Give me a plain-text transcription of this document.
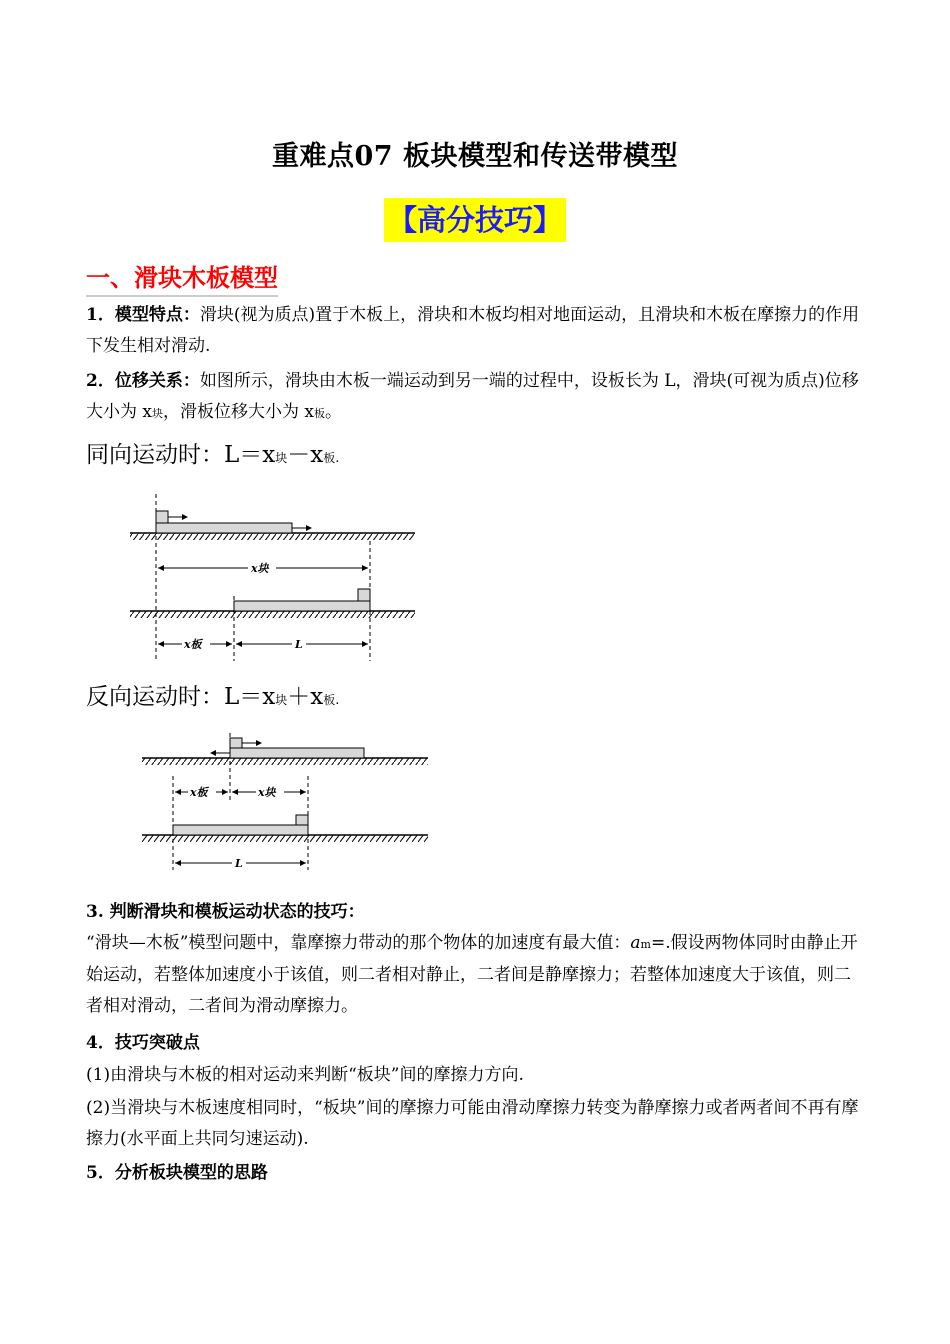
重难点07 板块模型和传送带模型
【高分技巧】
一、滑块木板模型
1．模型特点：滑块(视为质点)置于木板上，滑块和木板均相对地面运动，且滑块和木板在摩擦力的作用下发生相对滑动.
2．位移关系：如图所示，滑块由木板一端运动到另一端的过程中，设板长为 L，滑块(可视为质点)位移大小为 x块，滑板位移大小为 x板。
同向运动时：L＝x块－x板.
x块
x板	L
反向运动时：L＝x块＋x板.
x板	x块
L
3. 判断滑块和模板运动状态的技巧：
“滑块—木板”模型问题中，靠摩擦力带动的那个物体的加速度有最大值：am=.假设两物体同时由静止开始运动，若整体加速度小于该值，则二者相对静止，二者间是静摩擦力；若整体加速度大于该值，则二者相对滑动，二者间为滑动摩擦力。
4．技巧突破点
(1)由滑块与木板的相对运动来判断“板块”间的摩擦力方向.
(2)当滑块与木板速度相同时，“板块”间的摩擦力可能由滑动摩擦力转变为静摩擦力或者两者间不再有摩擦力(水平面上共同匀速运动).
5．分析板块模型的思路
